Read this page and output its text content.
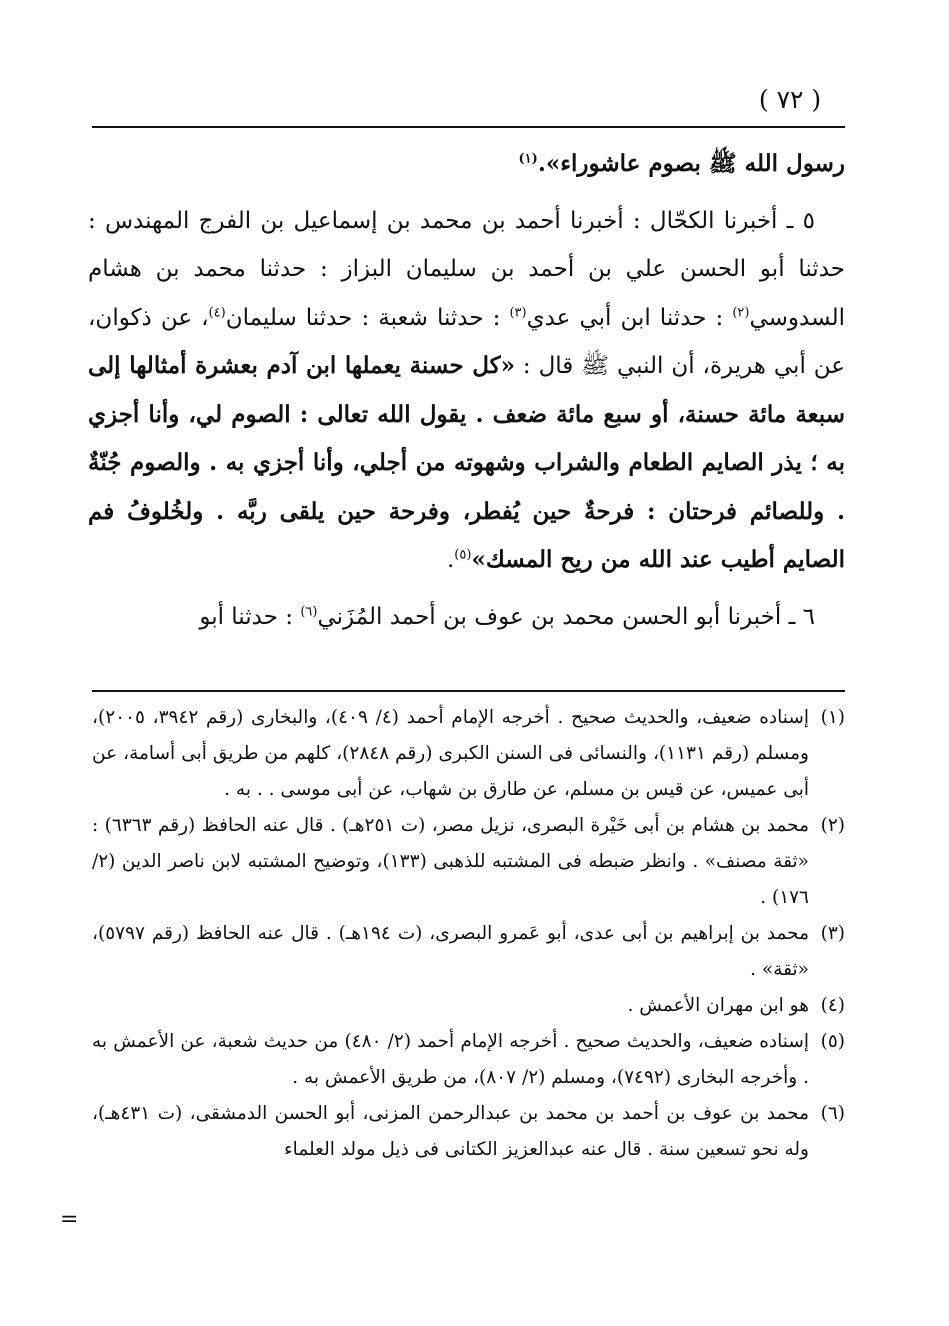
( ٧٢ )

رسول الله ﷺ بصوم عاشوراء».$^{(١)}$

٥ ـ أخبرنا الكحّال : أخبرنا أحمد بن محمد بن إسماعيل بن الفرج المهندس : حدثنا أبو الحسن علي بن أحمد بن سليمان البزاز : حدثنا محمد بن هشام السدوسي$^{(٢)}$ : حدثنا ابن أبي عدي$^{(٣)}$ : حدثنا شعبة : حدثنا سليمان$^{(٤)}$، عن ذكوان، عن أبي هريرة، أن النبي ﷺ قال : «كل حسنة يعملها ابن آدم بعشرة أمثالها إلى سبعة مائة حسنة، أو سبع مائة ضعف . يقول الله تعالى : الصوم لي، وأنا أجزي به ؛ يذر الصايم الطعام والشراب وشهوته من أجلي، وأنا أجزي به . والصوم جُنّةٌ . وللصائم فرحتان : فرحةٌ حين يُفطر، وفرحة حين يلقى ربَّه . ولخُلوفُ فم الصايم أطيب عند الله من ريح المسك»$^{(٥)}$.

٦ ـ أخبرنا أبو الحسن محمد بن عوف بن أحمد المُزَني$^{(٦)}$ : حدثنا أبو

(١)إسناده ضعيف، والحديث صحيح . أخرجه الإمام أحمد (٤/ ٤٠٩)، والبخارى (رقم ٣٩٤٢، ٢٠٠٥)، ومسلم (رقم ١١٣١)، والنسائى فى السنن الكبرى (رقم ٢٨٤٨)، كلهم من طريق أبى أسامة، عن أبى عميس، عن قيس بن مسلم، عن طارق بن شهاب، عن أبى موسى . . به .

(٢)محمد بن هشام بن أبى خَيْرة البصرى، نزيل مصر، (ت ٢٥١هـ) . قال عنه الحافظ (رقم ٦٣٦٣) : «ثقة مصنف» . وانظر ضبطه فى المشتبه للذهبى (١٣٣)، وتوضيح المشتبه لابن ناصر الدين (٢/ ١٧٦) .

(٣)محمد بن إبراهيم بن أبى عدى، أبو عَمرو البصرى، (ت ١٩٤هـ) . قال عنه الحافظ (رقم ٥٧٩٧)، «ثقة» .

(٤)هو ابن مهران الأعمش .

(٥)إسناده ضعيف، والحديث صحيح . أخرجه الإمام أحمد (٢/ ٤٨٠) من حديث شعبة، عن الأعمش به . وأخرجه البخارى (٧٤٩٢)، ومسلم (٢/ ٨٠٧)، من طريق الأعمش به .

(٦)محمد بن عوف بن أحمد بن محمد بن عبدالرحمن المزنى، أبو الحسن الدمشقى، (ت ٤٣١هـ)، وله نحو تسعين سنة . قال عنه عبدالعزيز الكتانى فى ذيل مولد العلماء

=
